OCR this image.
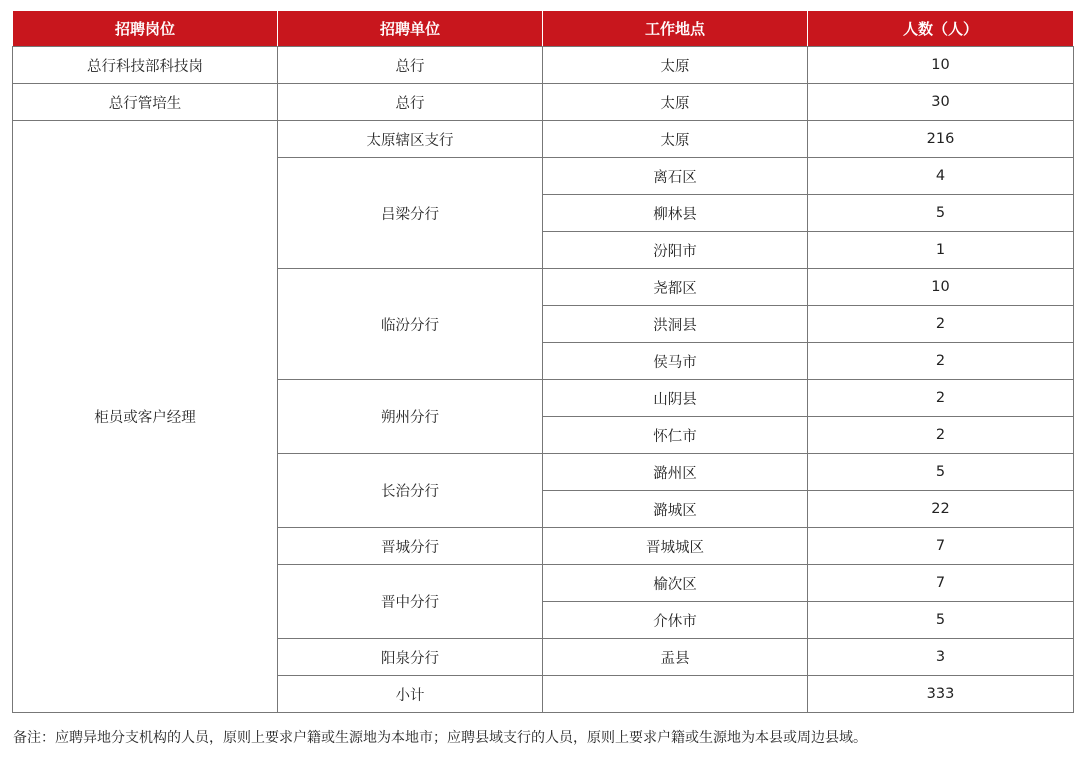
招聘岗位	招聘单位	工作地点	人数（人）
总行科技部科技岗	总行	太原	10
总行管培生	总行	太原	30
柜员或客户经理	太原辖区支行	太原	216
	吕梁分行	离石区	4
		柳林县	5
		汾阳市	1
	临汾分行	尧都区	10
		洪洞县	2
		侯马市	2
	朔州分行	山阴县	2
		怀仁市	2
	长治分行	潞州区	5
		潞城区	22
	晋城分行	晋城城区	7
	晋中分行	榆次区	7
		介休市	5
	阳泉分行	盂县	3
	小计		333
备注：应聘异地分支机构的人员，原则上要求户籍或生源地为本地市；应聘县域支行的人员，原则上要求户籍或生源地为本县或周边县域。
